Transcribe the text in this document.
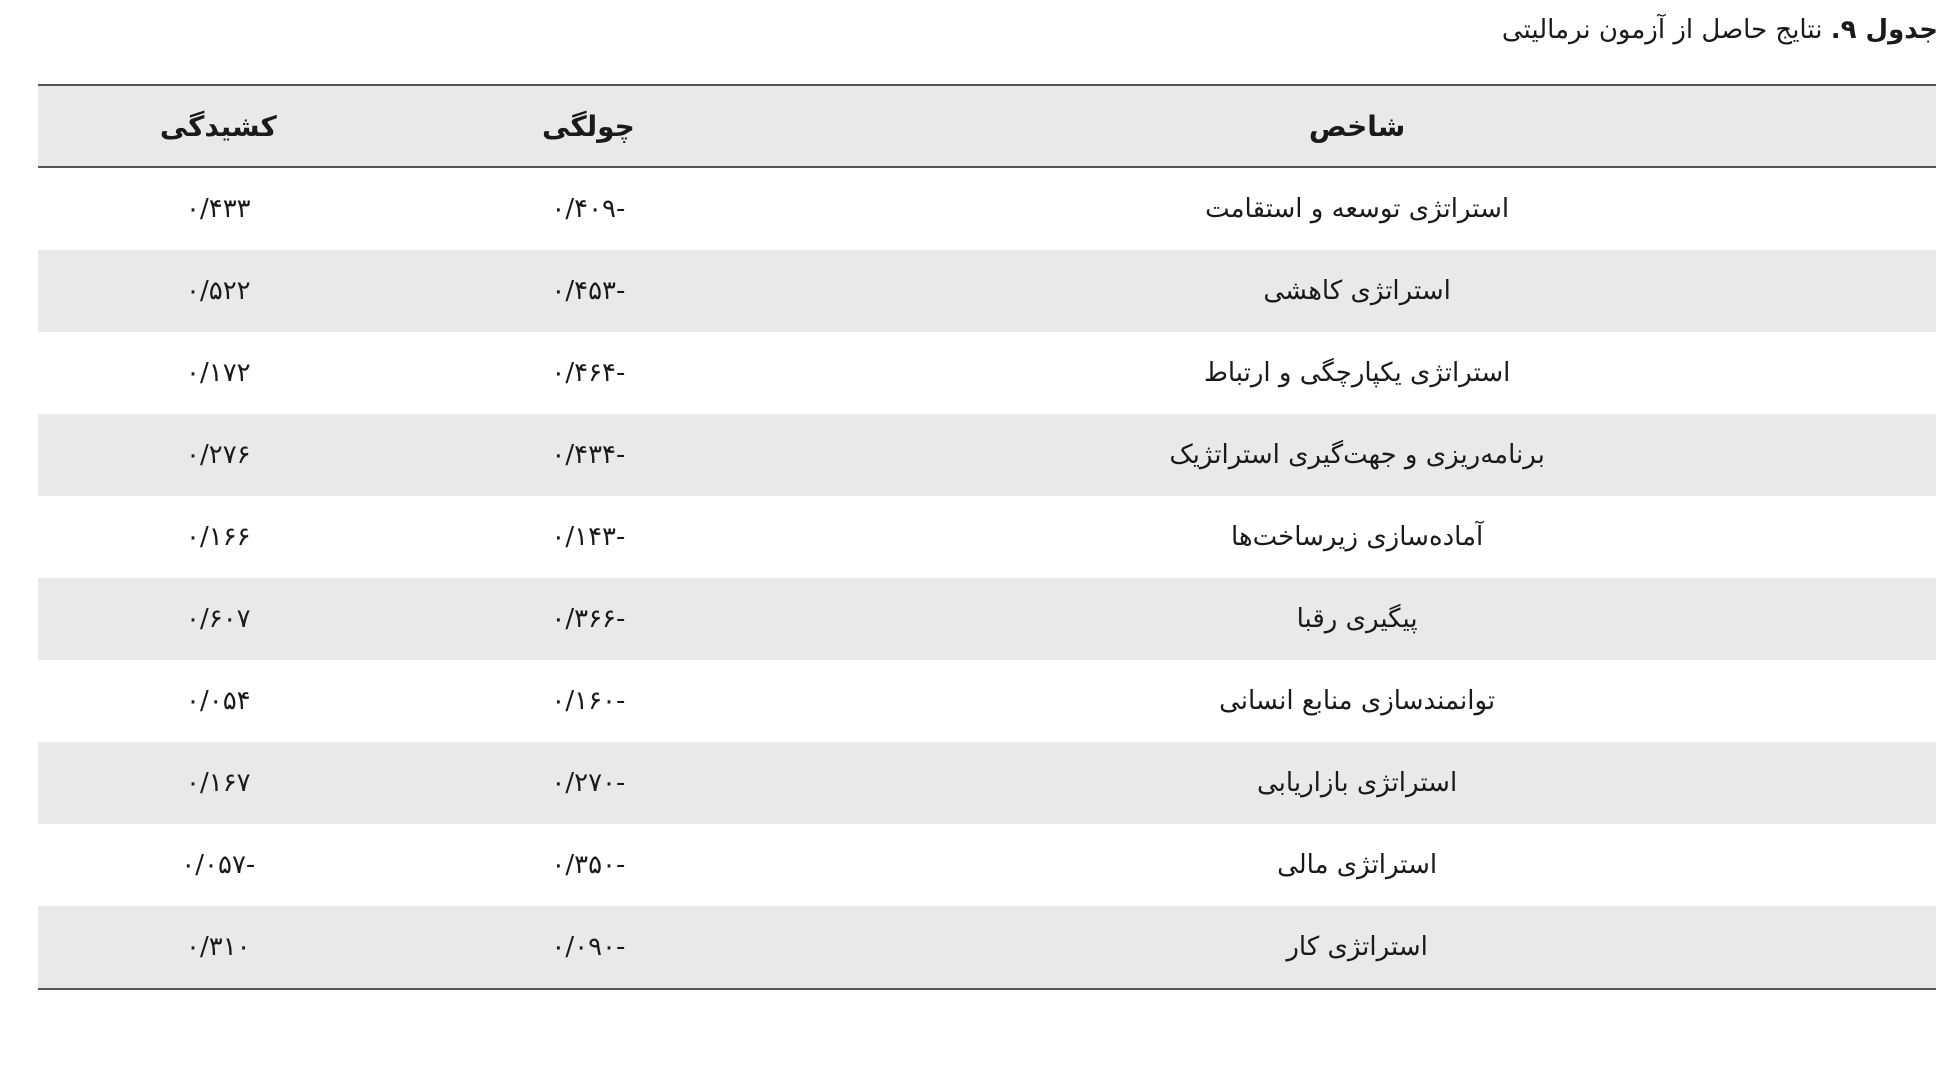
جدول ۹. نتایج حاصل از آزمون نرمالیتی
شاخص	چولگی	کشیدگی
استراتژی توسعه و استقامت	-۰/۴۰۹	۰/۴۳۳
استراتژی کاهشی	-۰/۴۵۳	۰/۵۲۲
استراتژی یکپارچگی و ارتباط	-۰/۴۶۴	۰/۱۷۲
برنامه‌ریزی و جهت‌گیری استراتژیک	-۰/۴۳۴	۰/۲۷۶
آماده‌سازی زیرساخت‌ها	-۰/۱۴۳	۰/۱۶۶
پیگیری رقبا	-۰/۳۶۶	۰/۶۰۷
توانمندسازی منابع انسانی	-۰/۱۶۰	۰/۰۵۴
استراتژی بازاریابی	-۰/۲۷۰	۰/۱۶۷
استراتژی مالی	-۰/۳۵۰	-۰/۰۵۷
استراتژی کار	-۰/۰۹۰	۰/۳۱۰
